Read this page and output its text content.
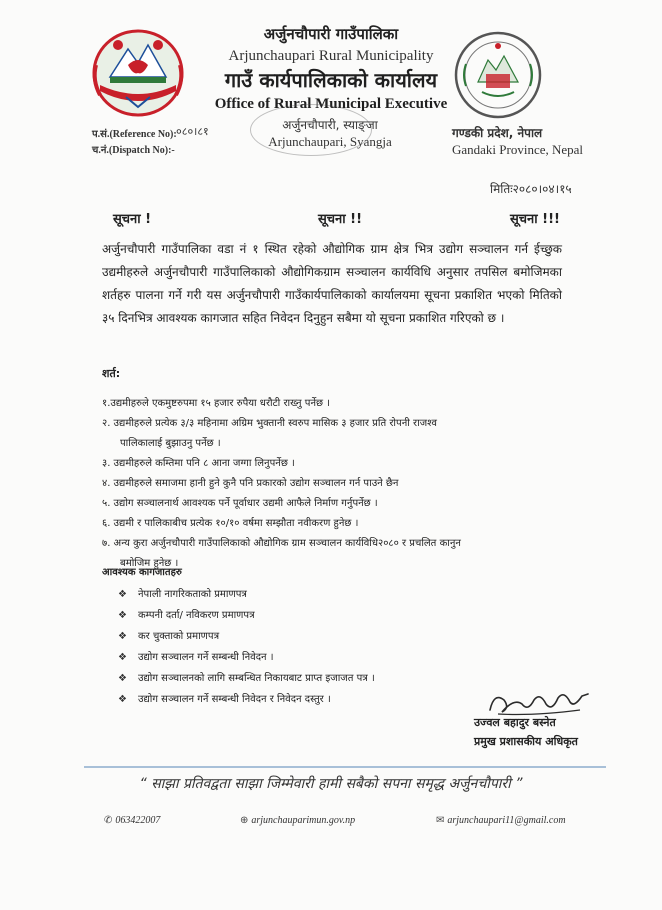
अर्जुनचौपारी गाउँपालिका
Arjunchaupari Rural Municipality
गाउँ कार्यपालिकाको कार्यालय
Office of Rural Municipal Executive
अर्जुनचौपारी, स्याङ्जा
Arjunchaupari, Syangja
गण्डकी प्रदेश, नेपाल
Gandaki Province, Nepal
प.सं.(Reference No): ०८०।८१
च.नं.(Dispatch No):-
मितिः२०८०।०४।१५
सूचना !	सूचना !!	सूचना !!!
अर्जुनचौपारी गाउँपालिका वडा नं १ स्थित रहेको औद्योगिक ग्राम क्षेत्र भित्र उद्योग सञ्चालन गर्न ईच्छुक उद्यमीहरुले अर्जुनचौपारी गाउँपालिकाको औद्योगिकग्राम सञ्चालन कार्यविधि अनुसार तपसिल बमोजिमका शर्तहरु पालना गर्ने गरी यस अर्जुनचौपारी गाउँकार्यपालिकाको कार्यालयमा सूचना प्रकाशित भएको मितिको ३५ दिनभित्र आवश्यक कागजात सहित निवेदन दिनुहुन सबैमा यो सूचना प्रकाशित गरिएको छ ।
शर्त:
१.उद्यमीहरुले एकमुष्टरुपमा १५ हजार रुपैया धरौटी राख्नु पर्नेछ ।
२. उद्यमीहरुले प्रत्येक ३/३ महिनामा अग्रिम भुक्तानी स्वरुप मासिक ३ हजार प्रति रोपनी राजश्व
पालिकालाई बुझाउनु पर्नेछ ।
३. उद्यमीहरुले कम्तिमा पनि ८ आना जग्गा लिनुपर्नेछ ।
४. उद्यमीहरुले समाजमा हानी हुने कुनै पनि प्रकारको उद्योग सञ्चालन गर्न पाउने छैन
५. उद्योग सञ्चालनार्थ आवश्यक पर्ने पूर्वाधार उद्यमी आफैले निर्माण गर्नुपर्नेछ ।
६. उद्यमी र पालिकाबीच प्रत्येक १०/१० वर्षमा सम्झौता नवीकरण हुनेछ ।
७. अन्य कुरा अर्जुनचौपारी गाउँपालिकाको औद्योगिक ग्राम सञ्चालन कार्यविधि२०८० र प्रचलित कानुन
बमोजिम हुनेछ ।
आवश्यक कागजातहरु
❖ नेपाली नागरिकताको प्रमाणपत्र
❖ कम्पनी दर्ता/ नविकरण प्रमाणपत्र
❖ कर चुक्ताको प्रमाणपत्र
❖ उद्योग सञ्चालन गर्ने सम्बन्धी निवेदन ।
❖ उद्योग सञ्चालनको लागि सम्बन्धित निकायबाट प्राप्त इजाजत पत्र ।
❖ उद्योग सञ्चालन गर्ने सम्बन्धी निवेदन र निवेदन दस्तुर ।
उज्वल बहादुर बस्नेत
प्रमुख प्रशासकीय अधिकृत
“ साझा प्रतिवद्वता साझा जिम्मेवारी हामी सबैको सपना समृद्ध अर्जुनचौपारी ”
✆ 063422007	⊕ arjunchauparimun.gov.np	✉ arjunchaupari11@gmail.com
